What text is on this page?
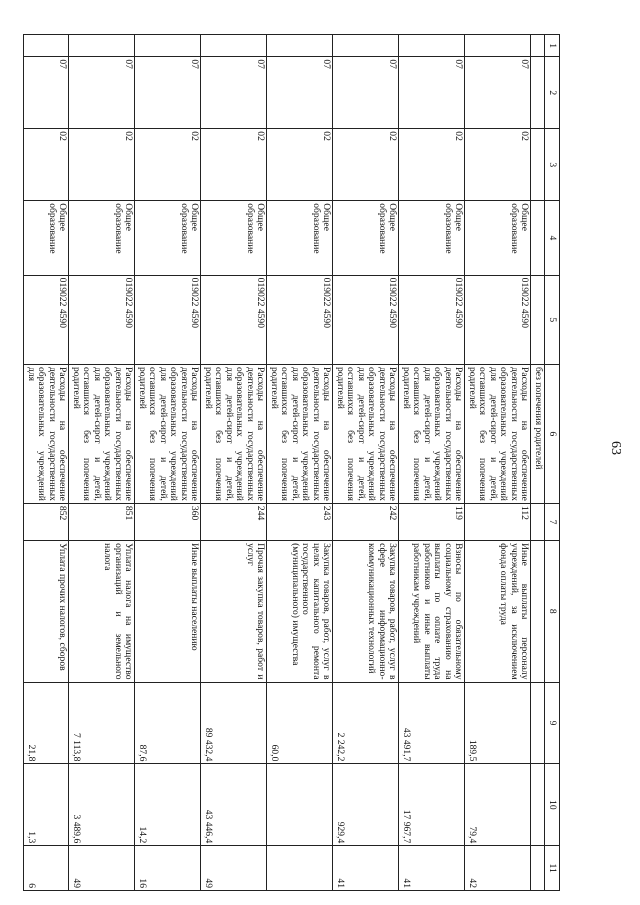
63
1	2	3	4	5	6	7	8	9	10	11
					без попечения родителей					
	07	02	Общее образование	019022 4590	Расходы на обеспечение деятельности государственных образовательных учреждений для детей-сирот и детей, оставшихся без попечения родителей	112	Иные выплаты персоналу учреждений, за исключением фонда оплаты труда	189,5	79,4	42
	07	02	Общее образование	019022 4590	Расходы на обеспечение деятельности государственных образовательных учреждений для детей-сирот и детей, оставшихся без попечения родителей	119	Взносы по обязательному социальному страхованию на выплаты по оплате труда работников и иные выплаты работникам учреждений	43 491,7	17 967,7	41
	07	02	Общее образование	019022 4590	Расходы на обеспечение деятельности государственных образовательных учреждений для детей-сирот и детей, оставшихся без попечения родителей	242	Закупка товаров, работ, услуг в сфере информационно-коммуникационных технологий	2 242,2	929,4	41
	07	02	Общее образование	019022 4590	Расходы на обеспечение деятельности государственных образовательных учреждений для детей-сирот и детей, оставшихся без попечения родителей	243	Закупка товаров, работ, услуг в целях капитального ремонта государственного (муниципального) имущества	60,0		
	07	02	Общее образование	019022 4590	Расходы на обеспечение деятельности государственных образовательных учреждений для детей-сирот и детей, оставшихся без попечения родителей	244	Прочая закупка товаров, работ и услуг	89 432,4	43 446,4	49
	07	02	Общее образование	019022 4590	Расходы на обеспечение деятельности государственных образовательных учреждений для детей-сирот и детей, оставшихся без попечения родителей	360	Иные выплаты населению	87,6	14,2	16
	07	02	Общее образование	019022 4590	Расходы на обеспечение деятельности государственных образовательных учреждений для детей-сирот и детей, оставшихся без попечения родителей	851	Уплата налога на имущество организаций и земельного налога	7 113,8	3 489,6	49
	07	02	Общее образование	019022 4590	Расходы на обеспечение деятельности государственных образовательных учреждений для	852	Уплата прочих налогов, сборов	21,8	1,3	6
